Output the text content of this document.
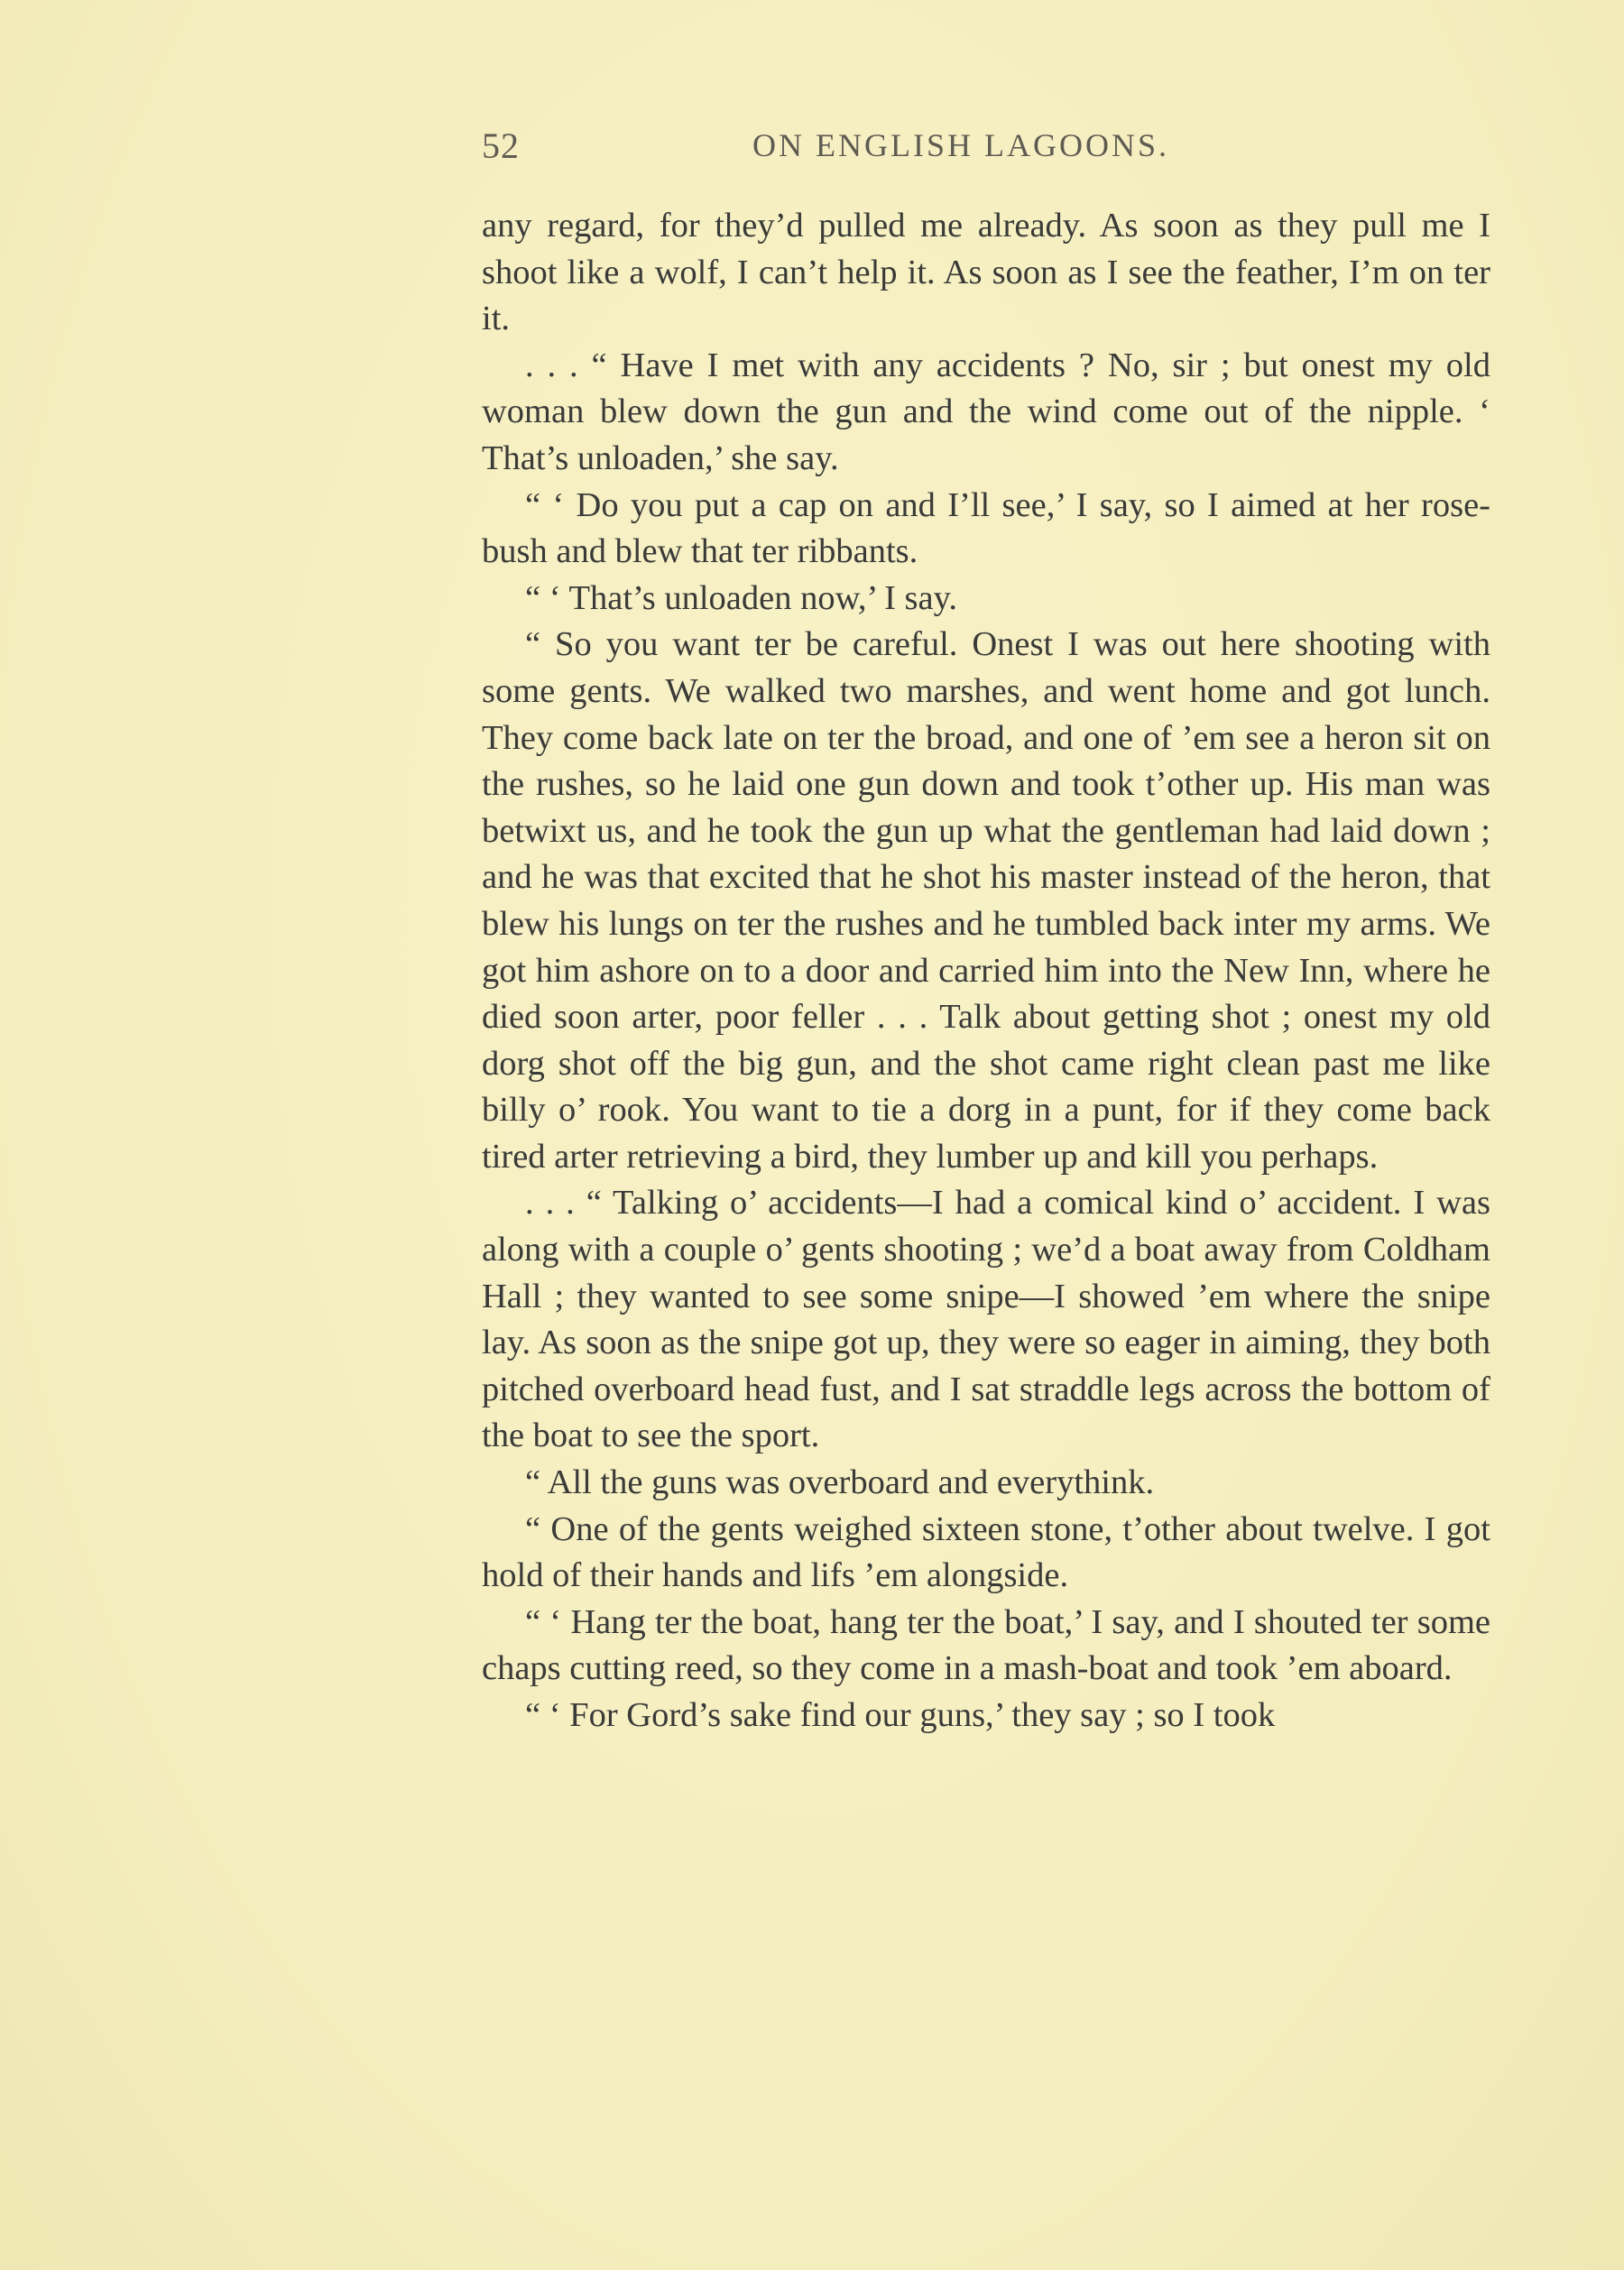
52	ON ENGLISH LAGOONS.

any regard, for they’d pulled me already. As soon as they pull me I shoot like a wolf, I can’t help it. As soon as I see the feather, I’m on ter it.

. . . “ Have I met with any accidents ? No, sir ; but onest my old woman blew down the gun and the wind come out of the nipple. ‘ That’s unloaden,’ she say.

“ ‘ Do you put a cap on and I’ll see,’ I say, so I aimed at her rose-bush and blew that ter ribbants.

“ ‘ That’s unloaden now,’ I say.

“ So you want ter be careful. Onest I was out here shooting with some gents. We walked two marshes, and went home and got lunch. They come back late on ter the broad, and one of ’em see a heron sit on the rushes, so he laid one gun down and took t’other up. His man was betwixt us, and he took the gun up what the gentleman had laid down ; and he was that excited that he shot his master instead of the heron, that blew his lungs on ter the rushes and he tumbled back inter my arms. We got him ashore on to a door and carried him into the New Inn, where he died soon arter, poor feller . . . Talk about getting shot ; onest my old dorg shot off the big gun, and the shot came right clean past me like billy o’ rook. You want to tie a dorg in a punt, for if they come back tired arter retrieving a bird, they lumber up and kill you perhaps.

. . . “ Talking o’ accidents—I had a comical kind o’ accident. I was along with a couple o’ gents shooting ; we’d a boat away from Coldham Hall ; they wanted to see some snipe—I showed ’em where the snipe lay. As soon as the snipe got up, they were so eager in aiming, they both pitched overboard head fust, and I sat straddle legs across the bottom of the boat to see the sport.

“ All the guns was overboard and everythink.

“ One of the gents weighed sixteen stone, t’other about twelve. I got hold of their hands and lifs ’em alongside.

“ ‘ Hang ter the boat, hang ter the boat,’ I say, and I shouted ter some chaps cutting reed, so they come in a mash-boat and took ’em aboard.

“ ‘ For Gord’s sake find our guns,’ they say ; so I took
